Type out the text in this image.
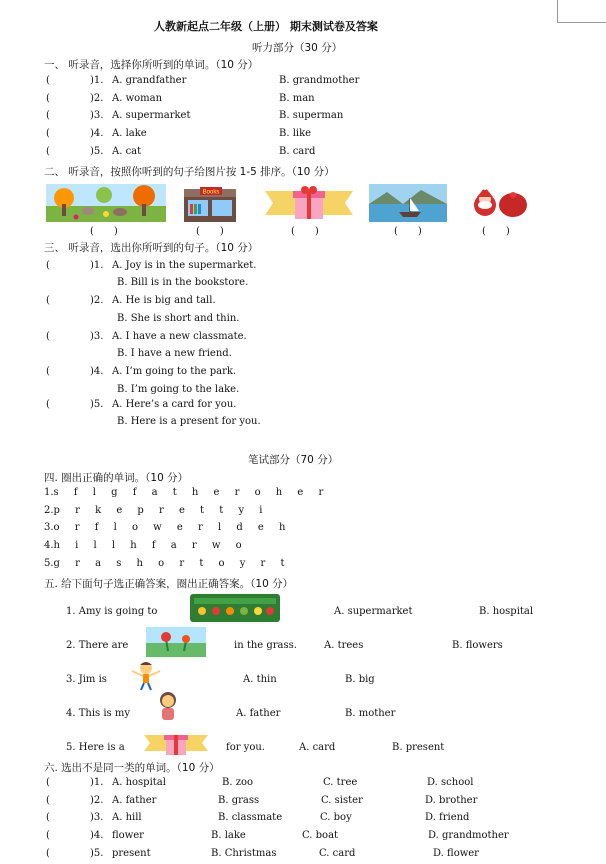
人教新起点二年级（上册） 期末测试卷及答案
听力部分（30 分）
一、 听录音，选择你所听到的单词。（10 分）
(	)1. A. grandfather	B. grandmother
(	)2. A. woman	B. man
(	)3. A. supermarket	B. superman
(	)4. A. lake	B. like
(	)5. A. cat	B. card
二、 听录音，按照你听到的句子给图片按 1-5 排序。（10 分）
Books
(　　)	(　　)	(　　)	(　　)	(　　)
三、 听录音，选出你所听到的句子。（10 分）
(	)1. A. Joy is in the supermarket.
B. Bill is in the bookstore.
(	)2. A. He is big and tall.
B. She is short and thin.
(	)3. A. I have a new classmate.
B. I have a new friend.
(	)4. A. I’m going to the park.
B. I’m going to the lake.
(	)5. A. Here’s a card for you.
B. Here is a present for you.
笔试部分（70 分）
四. 圈出正确的单词。（10 分）
1.s f l g f a t h e r o h e r
2.p r k e p r e t t y i
3.o r f l o w e r l d e h
4.h i l l h f a r w o
5.g r a s h o r t o y r t
五. 给下面句子选正确答案，圈出正确答案。（10 分）
1. Amy is going to	A. supermarket	B. hospital
2. There are	in the grass.	A. trees	B. flowers
3. Jim is	A. thin	B. big
4. This is my	A. father	B. mother
5. Here is a	for you.	A. card	B. present
六. 选出不是同一类的单词。（10 分）
(	)1. A. hospital	B. zoo	C. tree	D. school
(	)2. A. father	B. grass	C. sister	D. brother
(	)3. A. hill	B. classmate	C. boy	D. friend
(	)4. flower	B. lake	C. boat	D. grandmother
(	)5. present	B. Christmas	C. card	D. flower
